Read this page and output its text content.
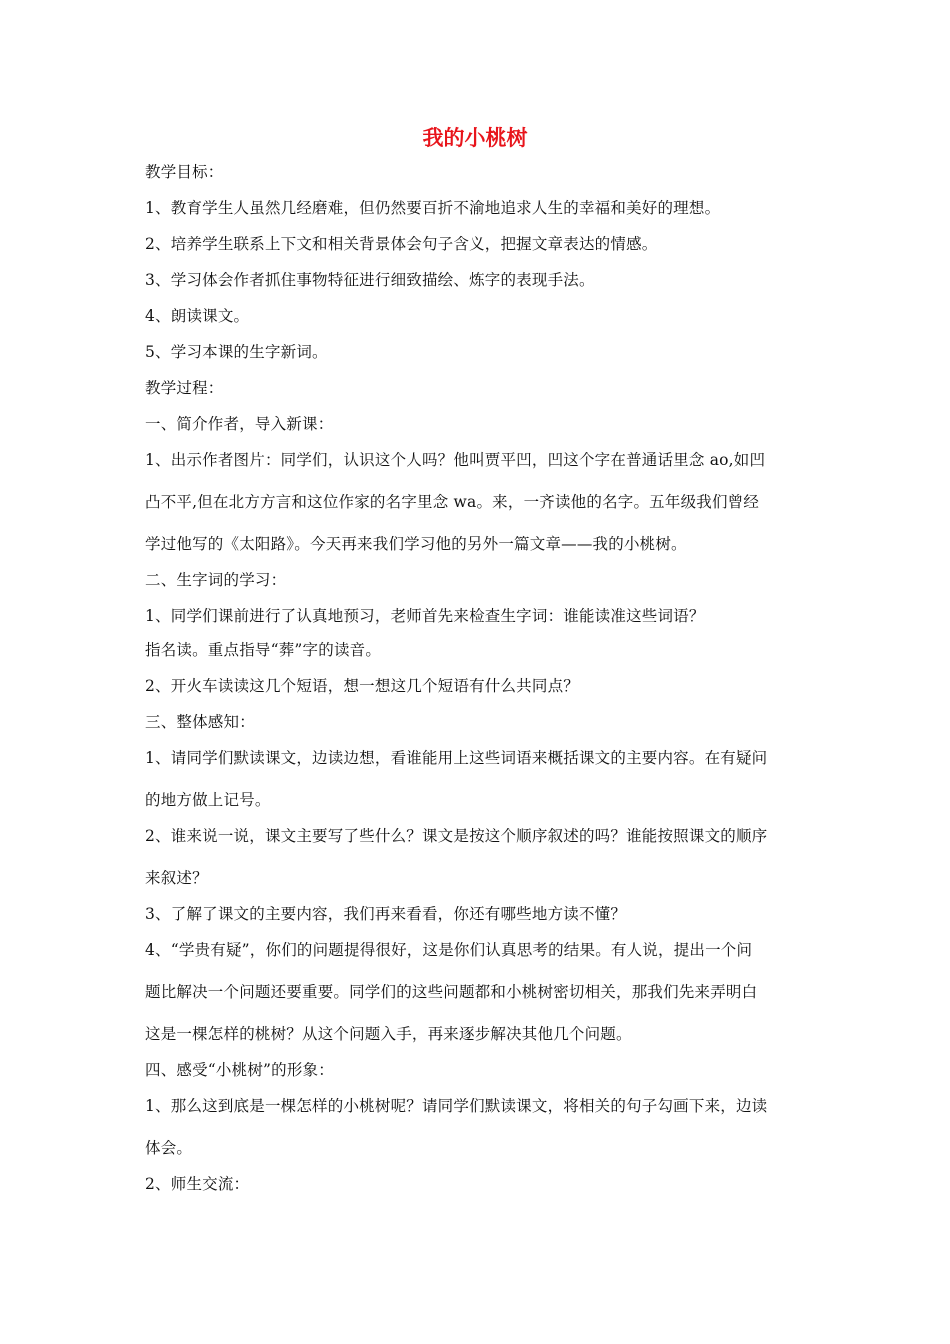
我的小桃树
教学目标：
1、教育学生人虽然几经磨难，但仍然要百折不渝地追求人生的幸福和美好的理想。
2、培养学生联系上下文和相关背景体会句子含义，把握文章表达的情感。
3、学习体会作者抓住事物特征进行细致描绘、炼字的表现手法。
4、朗读课文。
5、学习本课的生字新词。
教学过程：
一、简介作者，导入新课：
1、出示作者图片：同学们，认识这个人吗？他叫贾平凹，凹这个字在普通话里念 ao,如凹
凸不平,但在北方方言和这位作家的名字里念 wa。来，一齐读他的名字。五年级我们曾经
学过他写的《太阳路》。今天再来我们学习他的另外一篇文章——我的小桃树。
二、生字词的学习：
1、同学们课前进行了认真地预习，老师首先来检查生字词：谁能读准这些词语？
指名读。重点指导“葬”字的读音。
2、开火车读读这几个短语，想一想这几个短语有什么共同点？
三、整体感知：
1、请同学们默读课文，边读边想，看谁能用上这些词语来概括课文的主要内容。在有疑问
的地方做上记号。
2、谁来说一说，课文主要写了些什么？课文是按这个顺序叙述的吗？谁能按照课文的顺序
来叙述？
3、了解了课文的主要内容，我们再来看看，你还有哪些地方读不懂？
4、“学贵有疑”，你们的问题提得很好，这是你们认真思考的结果。有人说，提出一个问
题比解决一个问题还要重要。同学们的这些问题都和小桃树密切相关，那我们先来弄明白
这是一棵怎样的桃树？从这个问题入手，再来逐步解决其他几个问题。
四、感受“小桃树”的形象：
1、那么这到底是一棵怎样的小桃树呢？请同学们默读课文，将相关的句子勾画下来，边读
体会。
2、师生交流：
